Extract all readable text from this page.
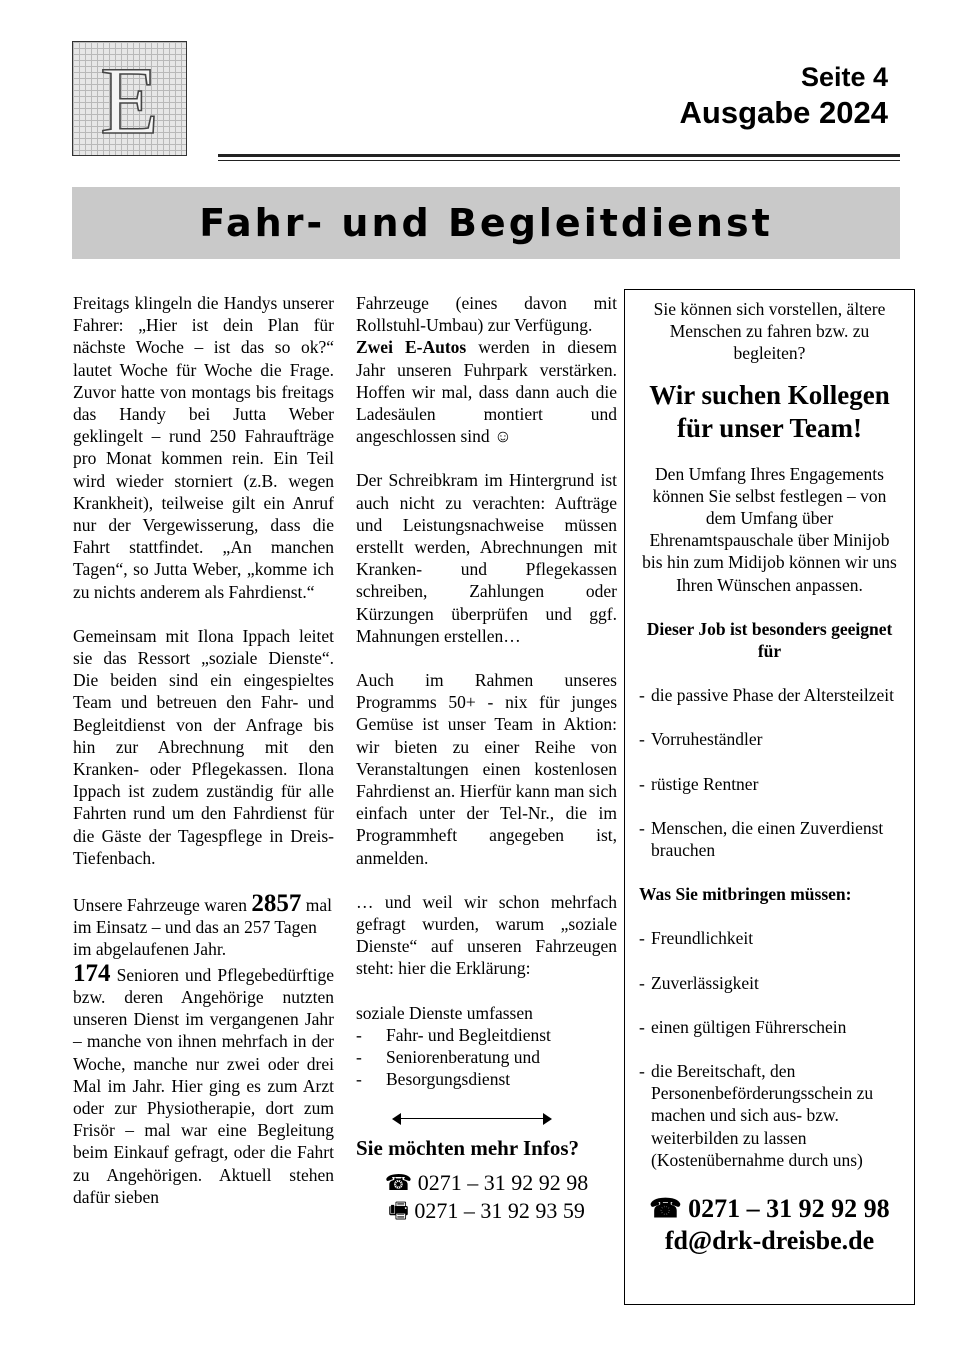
E	Seite 4
Ausgabe 2024
Fahr- und Begleitdienst

Freitags klingeln die Handys unserer Fahrer: „Hier ist dein Plan für nächste Woche – ist das so ok?“ lautet Woche für Woche die Frage. Zuvor hatte von montags bis freitags das Handy bei Jutta Weber geklingelt – rund 250 Fahraufträge pro Monat kommen rein. Ein Teil wird wieder storniert (z.B. wegen Krankheit), teilweise gilt ein Anruf nur der Vergewisserung, dass die Fahrt stattfindet. „An manchen Tagen“, so Jutta Weber, „komme ich zu nichts anderem als Fahrdienst.“

Gemeinsam mit Ilona Ippach leitet sie das Ressort „soziale Dienste“. Die beiden sind ein eingespieltes Team und betreuen den Fahr- und Begleitdienst von der Anfrage bis hin zur Abrechnung mit den Kranken- oder Pflegekassen. Ilona Ippach ist zudem zuständig für alle Fahrten rund um den Fahrdienst für die Gäste der Tagespflege in Dreis-Tiefenbach.

Unsere Fahrzeuge waren 2857 mal im Einsatz – und das an 257 Tagen im abgelaufenen Jahr.

174 Senioren und Pflegebedürftige bzw. deren Angehörige nutzten unseren Dienst im vergangenen Jahr – manche von ihnen mehrfach in der Woche, manche nur zwei oder drei Mal im Jahr. Hier ging es zum Arzt oder zur Physiotherapie, dort zum Frisör – mal war eine Begleitung beim Einkauf gefragt, oder die Fahrt zu Angehörigen. Aktuell stehen dafür sieben

Fahrzeuge (eines davon mit Rollstuhl-Umbau) zur Verfügung.

Zwei E-Autos werden in diesem Jahr unseren Fuhrpark verstärken. Hoffen wir mal, dass dann auch die Ladesäulen montiert und angeschlossen sind ☺

Der Schreibkram im Hintergrund ist auch nicht zu verachten: Aufträge und Leistungsnachweise müssen erstellt werden, Abrechnungen mit Kranken- und Pflegekassen schreiben, Zahlungen oder Kürzungen überprüfen und ggf. Mahnungen erstellen…

Auch im Rahmen unseres Programms 50+ - nix für junges Gemüse ist unser Team in Aktion: wir bieten zu einer Reihe von Veranstaltungen einen kostenlosen Fahrdienst an. Hierfür kann man sich einfach unter der Tel-Nr., die im Programmheft angegeben ist, anmelden.

… und weil wir schon mehrfach gefragt wurden, warum „soziale Dienste“ auf unseren Fahrzeugen steht: hier die Erklärung:

soziale Dienste umfassen

-	Fahr- und Begleitdienst
-	Seniorenberatung und
-	Besorgungsdienst

Sie möchten mehr Infos?

☎ 0271 – 31 92 92 98

🖷 0271 – 31 92 93 59

Sie können sich vorstellen, ältere Menschen zu fahren bzw. zu begleiten?

Wir suchen Kollegen für unser Team!

Den Umfang Ihres Engagements können Sie selbst festlegen – von dem Umfang über Ehrenamtspauschale über Minijob bis hin zum Midijob können wir uns Ihren Wünschen anpassen.

Dieser Job ist besonders geeignet für

- die passive Phase der Altersteilzeit
- Vorruheständler
- rüstige Rentner
- Menschen, die einen Zuverdienst brauchen

Was Sie mitbringen müssen:

- Freundlichkeit
- Zuverlässigkeit
- einen gültigen Führerschein
- die Bereitschaft, den Personenbeförderungsschein zu machen und sich aus- bzw. weiterbilden zu lassen (Kostenübernahme durch uns)

☎ 0271 – 31 92 92 98

fd@drk-dreisbe.de
